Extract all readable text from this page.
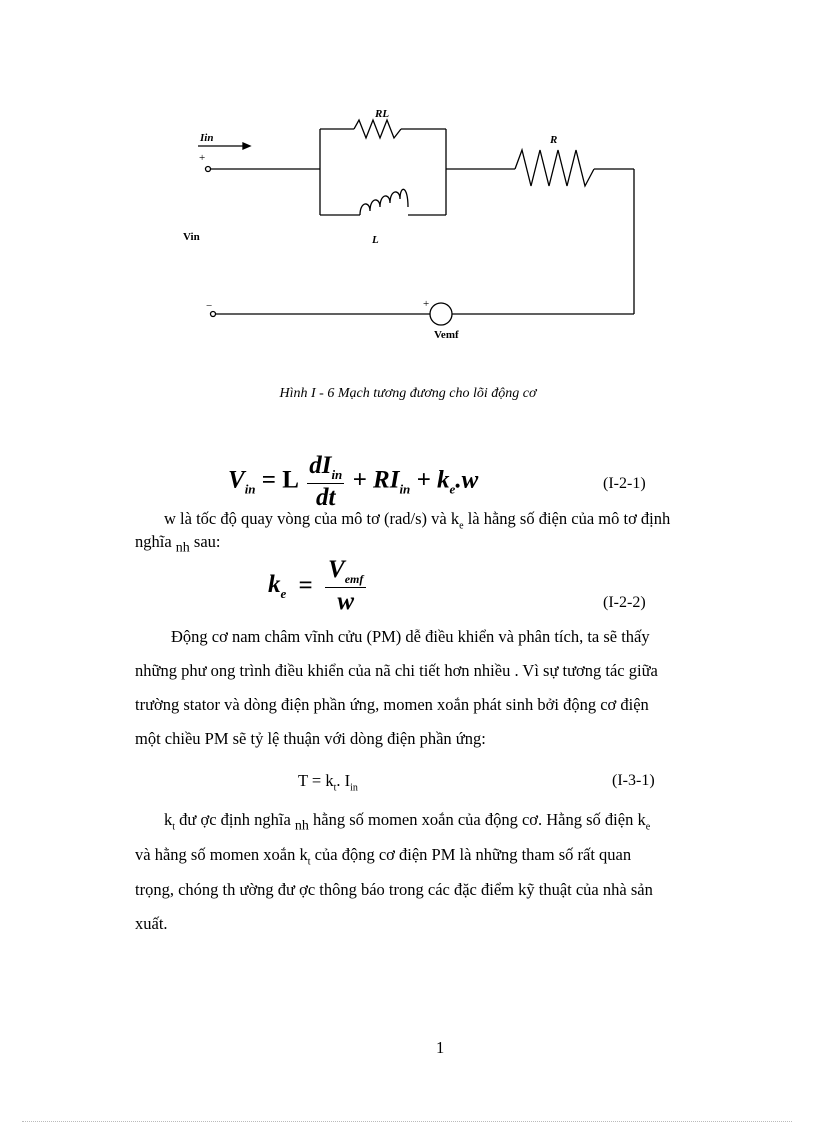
Iin
+
Vin
RL
R
L
−	+
Vemf
Hình I - 6 Mạch tương đương cho lõi động cơ
$V_{in} = L$
$dI_{in}$
dt
+ $RI_{in} + k_e.w$	(I-2-1)
w là tốc độ quay vòng của mô tơ (rad/s) và $k_e$ là hằng số điện của mô tơ định
nghĩa $_{nh}$ sau:
$k_e$ =
$V_{emf}$
w	(I-2-2)
Động cơ nam châm vĩnh cửu (PM) dễ điều khiển và phân tích, ta sẽ thấy
những phư ong trình điều khiển của nã chi tiết hơn nhiều . Vì sự tương tác giữa
trường stator và dòng điện phần ứng, momen xoắn phát sinh bởi động cơ điện
một chiều PM sẽ tỷ lệ thuận với dòng điện phần ứng:
$T = k_t$. $I_{in}$	(I-3-1)
$k_t$ đư ợc định nghĩa $_{nh}$ hằng số momen xoắn của động cơ. Hằng số điện $k_e$
và hằng số momen xoắn $k_t$ của động cơ điện PM là những tham số rất quan
trọng, chóng th ường đư ợc thông báo trong các đặc điểm kỹ thuật của nhà sản
xuất.
1
